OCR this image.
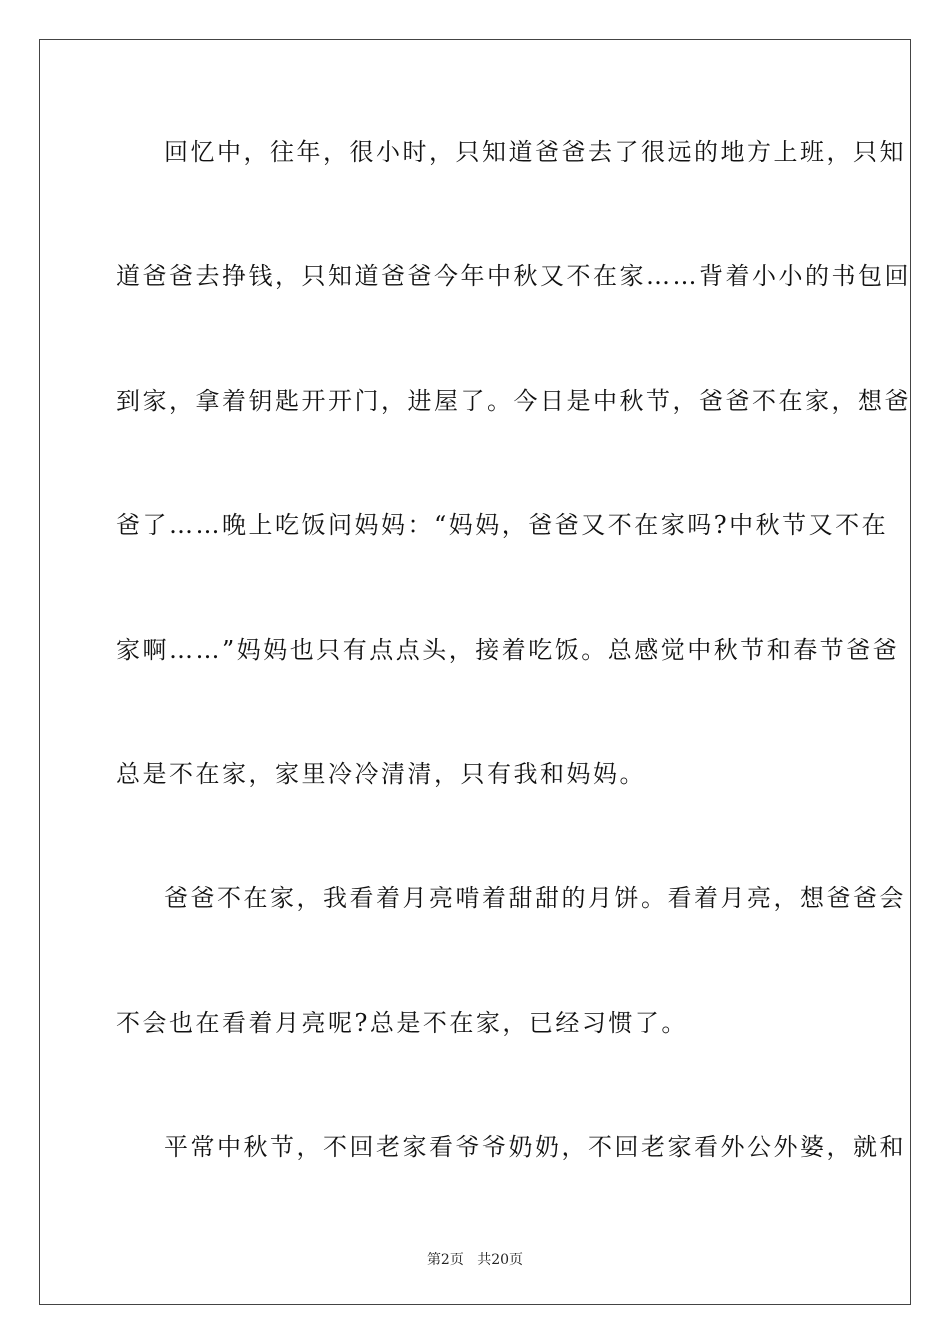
回忆中，往年，很小时，只知道爸爸去了很远的地方上班，只知
道爸爸去挣钱，只知道爸爸今年中秋又不在家……背着小小的书包回
到家，拿着钥匙开开门，进屋了。今日是中秋节，爸爸不在家，想爸
爸了……晚上吃饭问妈妈：“妈妈，爸爸又不在家吗?中秋节又不在
家啊……”妈妈也只有点点头，接着吃饭。总感觉中秋节和春节爸爸
总是不在家，家里冷冷清清，只有我和妈妈。
爸爸不在家，我看着月亮啃着甜甜的月饼。看着月亮，想爸爸会
不会也在看着月亮呢?总是不在家，已经习惯了。
平常中秋节，不回老家看爷爷奶奶，不回老家看外公外婆，就和
第2页 共20页
